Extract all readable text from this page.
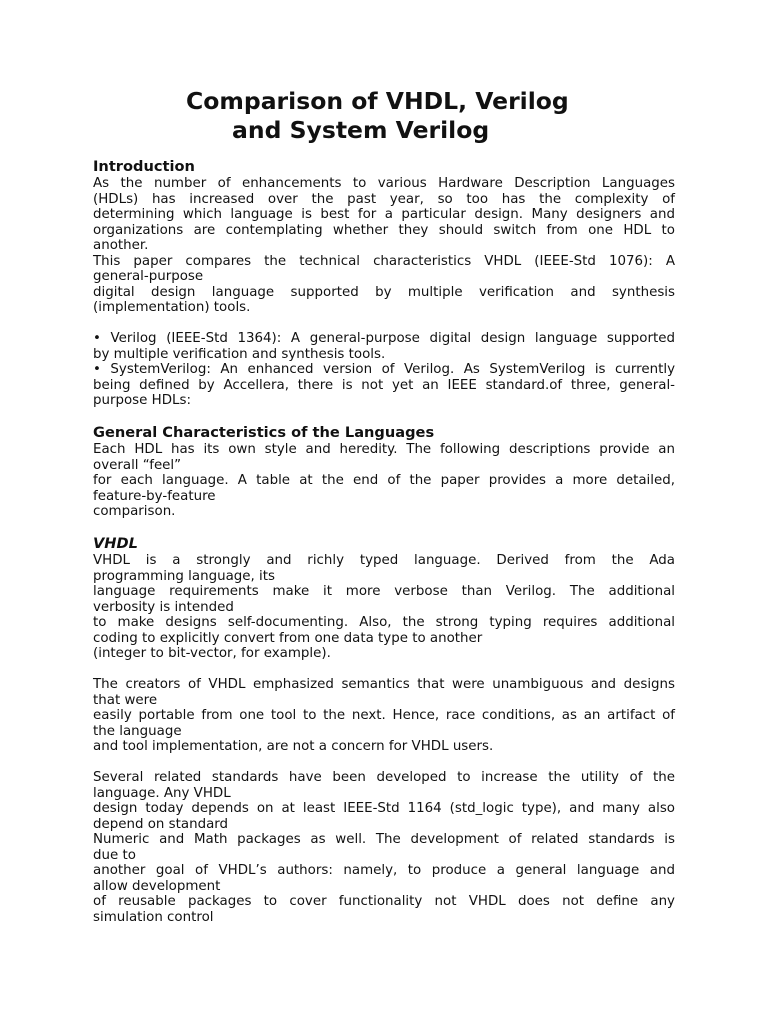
Comparison of VHDL, Verilog
and System Verilog
Introduction
As the number of enhancements to various Hardware Description Languages
(HDLs) has increased over the past year, so too has the complexity of
determining which language is best for a particular design. Many designers and
organizations are contemplating whether they should switch from one HDL to
another.
This paper compares the technical characteristics VHDL (IEEE-Std 1076): A
general-purpose
digital design language supported by multiple verification and synthesis
(implementation) tools.
• Verilog (IEEE-Std 1364): A general-purpose digital design language supported
by multiple verification and synthesis tools.
• SystemVerilog: An enhanced version of Verilog. As SystemVerilog is currently
being defined by Accellera, there is not yet an IEEE standard.of three, general-
purpose HDLs:
General Characteristics of the Languages
Each HDL has its own style and heredity. The following descriptions provide an
overall “feel”
for each language. A table at the end of the paper provides a more detailed,
feature-by-feature
comparison.
VHDL
VHDL is a strongly and richly typed language. Derived from the Ada
programming language, its
language requirements make it more verbose than Verilog. The additional
verbosity is intended
to make designs self-documenting. Also, the strong typing requires additional
coding to explicitly convert from one data type to another
(integer to bit-vector, for example).
The creators of VHDL emphasized semantics that were unambiguous and designs
that were
easily portable from one tool to the next. Hence, race conditions, as an artifact of
the language
and tool implementation, are not a concern for VHDL users.
Several related standards have been developed to increase the utility of the
language. Any VHDL
design today depends on at least IEEE-Std 1164 (std_logic type), and many also
depend on standard
Numeric and Math packages as well. The development of related standards is
due to
another goal of VHDL’s authors: namely, to produce a general language and
allow development
of reusable packages to cover functionality not VHDL does not define any
simulation control
